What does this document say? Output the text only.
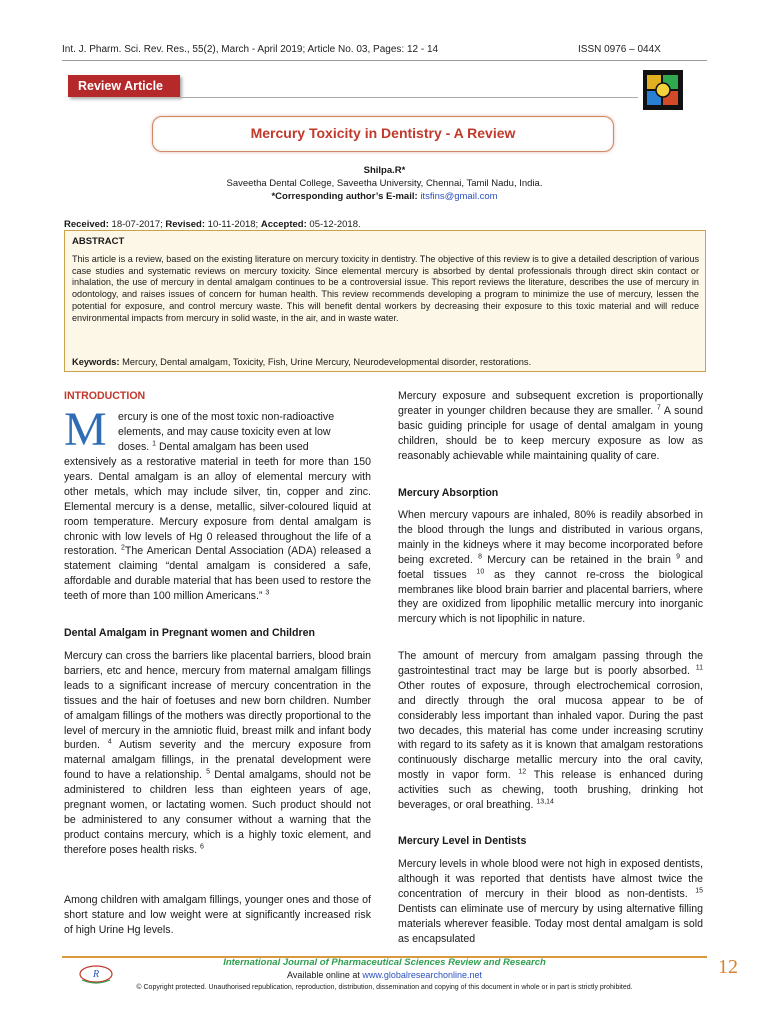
Int. J. Pharm. Sci. Rev. Res., 55(2), March - April 2019; Article No. 03, Pages: 12 - 14	ISSN 0976 – 044X
Review Article
Mercury Toxicity in Dentistry - A Review
Shilpa.R*
Saveetha Dental College, Saveetha University, Chennai, Tamil Nadu, India.
*Corresponding author’s E-mail: itsfins@gmail.com
Received: 18-07-2017; Revised: 10-11-2018; Accepted: 05-12-2018.
ABSTRACT

This article is a review, based on the existing literature on mercury toxicity in dentistry. The objective of this review is to give a detailed description of various case studies and systematic reviews on mercury toxicity. Since elemental mercury is absorbed by dental professionals through direct skin contact or inhalation, the use of mercury in dental amalgam continues to be a controversial issue. This report reviews the literature, describes the use of mercury in odontology, and raises issues of concern for human health. This review recommends developing a program to minimize the use of mercury, lessen the potential for exposure, and control mercury waste. This will benefit dental workers by decreasing their exposure to this toxic material and will reduce environmental impacts from mercury in solid waste, in the air, and in waste water.

Keywords: Mercury, Dental amalgam, Toxicity, Fish, Urine Mercury, Neurodevelopmental disorder, restorations.
INTRODUCTION
M ercury is one of the most toxic non-radioactive
elements, and may cause toxicity even at low
doses. $^1$ Dental amalgam has been used

extensively as a restorative material in teeth for more than 150 years. Dental amalgam is an alloy of elemental mercury with other metals, which may include silver, tin, copper and zinc. Elemental mercury is a dense, metallic, silver-coloured liquid at room temperature. Mercury exposure from dental amalgam is chronic with low levels of Hg 0 released throughout the life of a restoration. $^2$The American Dental Association (ADA) released a statement claiming “dental amalgam is considered a safe, affordable and durable material that has been used to restore the teeth of more than 100 million Americans.” $^3$

Dental Amalgam in Pregnant women and Children

Mercury can cross the barriers like placental barriers, blood brain barriers, etc and hence, mercury from maternal amalgam fillings leads to a significant increase of mercury concentration in the tissues and the hair of foetuses and new born children. Number of amalgam fillings of the mothers was directly proportional to the level of mercury in the amniotic fluid, breast milk and infant body burden. $^4$ Autism severity and the mercury exposure from maternal amalgam fillings, in the prenatal development were found to have a relationship. $^5$ Dental amalgams, should not be administered to children less than eighteen years of age, pregnant women, or lactating women. Such product should not be administered to any consumer without a warning that the product contains mercury, which is a highly toxic element, and therefore poses health risks. $^6$

Among children with amalgam fillings, younger ones and those of short stature and low weight were at significantly increased risk of high Urine Hg levels.

Mercury exposure and subsequent excretion is proportionally greater in younger children because they are smaller. $^7$ A sound basic guiding principle for usage of dental amalgam in young children, should be to keep mercury exposure as low as reasonably achievable while maintaining quality of care.

Mercury Absorption

When mercury vapours are inhaled, 80% is readily absorbed in the blood through the lungs and distributed in various organs, mainly in the kidneys where it may become incorporated before being excreted. $^8$ Mercury can be retained in the brain $^9$ and foetal tissues $^{10}$ as they cannot re-cross the biological membranes like blood brain barrier and placental barriers, where they are oxidized from lipophilic metallic mercury into inorganic mercury which is not lipophilic in nature.

The amount of mercury from amalgam passing through the gastrointestinal tract may be large but is poorly absorbed. $^{11}$ Other routes of exposure, through electrochemical corrosion, and directly through the oral mucosa appear to be of considerably less important than inhaled vapor. During the past two decades, this material has come under increasing scrutiny with regard to its safety as it is known that amalgam restorations continuously discharge metallic mercury into the oral cavity, mostly in vapor form. $^{12}$ This release is enhanced during activities such as chewing, tooth brushing, drinking hot beverages, or oral breathing. $^{13,14}$

Mercury Level in Dentists

Mercury levels in whole blood were not high in exposed dentists, although it was reported that dentists have almost twice the concentration of mercury in their blood as non-dentists. $^{15}$ Dentists can eliminate use of mercury by using alternative filling materials wherever feasible. Today most dental amalgam is sold as encapsulated

R
International Journal of Pharmaceutical Sciences Review and Research
Available online at www.globalresearchonline.net
© Copyright protected. Unauthorised republication, reproduction, distribution, dissemination and copying of this document in whole or in part is strictly prohibited.
12
